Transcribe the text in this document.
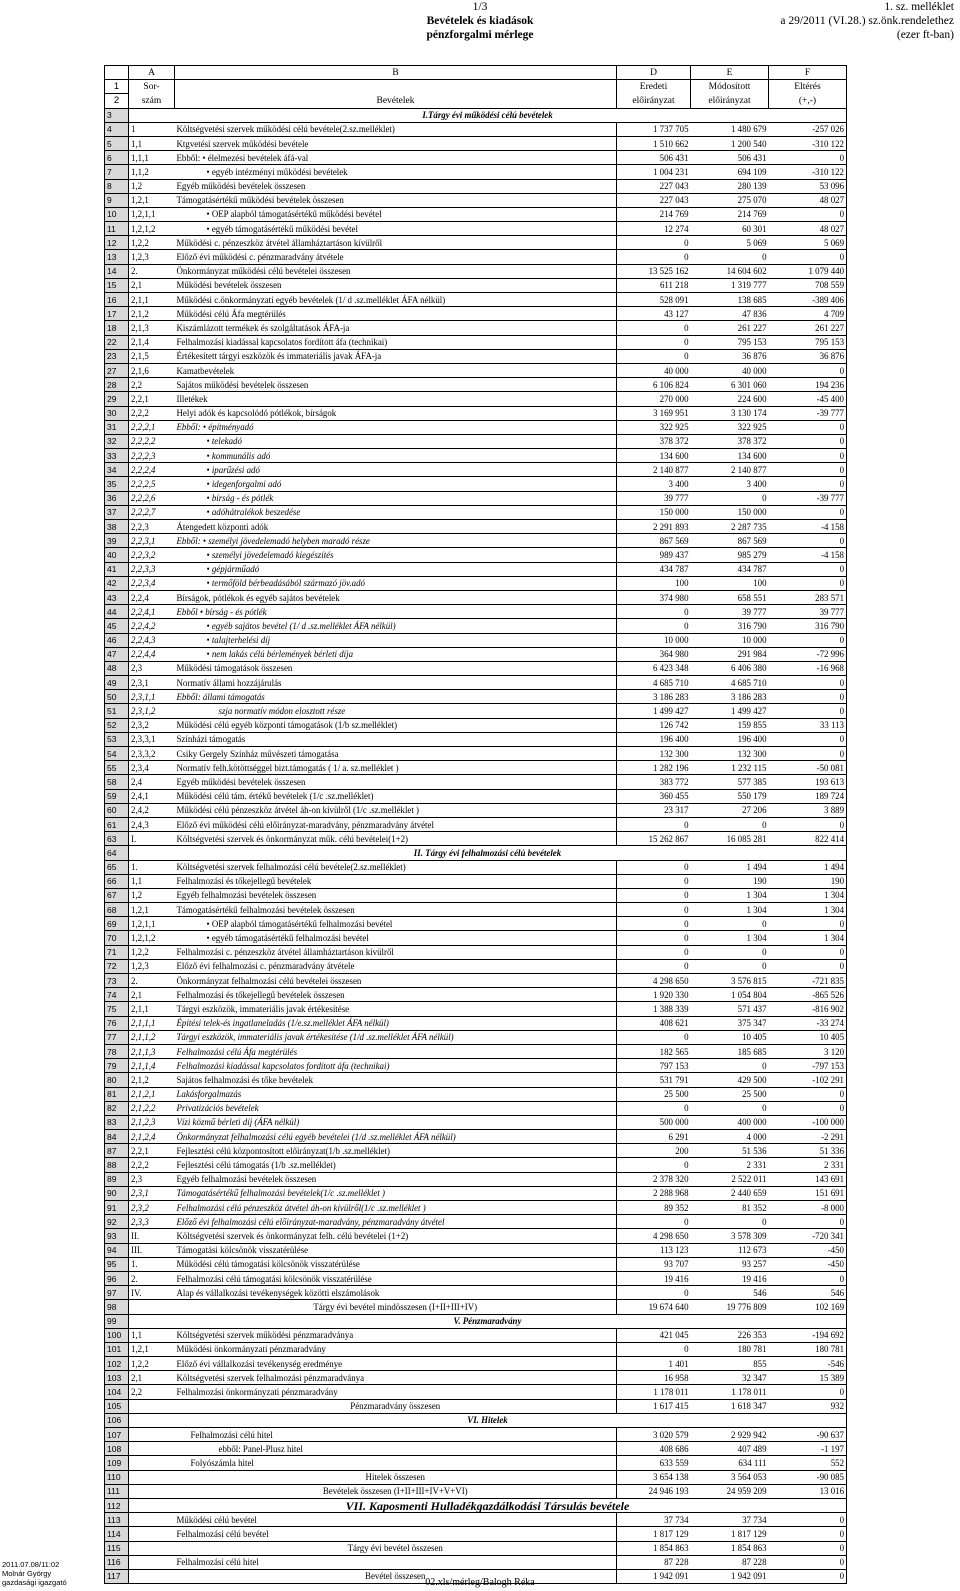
1/3
Bevételek és kiadások
pénzforgalmi mérlege
1. sz. melléklet
a 29/2011 (VI.28.) sz.önk.rendelethez
(ezer ft-ban)
	A	B	D	E	F
1	Sor-		Eredeti	Módosított	Eltérés
2	szám	Bevételek	előirányzat	előirányzat	(+,-)
3	I.Tárgy évi működési célú bevételek				
4	1	Költségvetési szervek működési célú bevétele(2.sz.melléklet)	1 737 705	1 480 679	-257 026
5	1,1	Ktgvetési szervek működési bevétele	1 510 662	1 200 540	-310 122
6	1,1,1	Ebből: • élelmezési bevételek áfá-val	506 431	506 431	0
7	1,1,2	• egyéb intézményi működési bevételek	1 004 231	694 109	-310 122
8	1,2	Egyéb működési bevételek összesen	227 043	280 139	53 096
9	1,2,1	Támogatásértékű működési bevételek összesen	227 043	275 070	48 027
10	1,2,1,1	• OEP alapból támogatásértékű működési bevétel	214 769	214 769	0
11	1,2,1,2	• egyéb támogatásértékű működési bevétel	12 274	60 301	48 027
12	1,2,2	Működési c. pénzeszköz átvétel államháztartáson kívülről	0	5 069	5 069
13	1,2,3	Előző évi működési c. pénzmaradvány átvétele	0	0	0
14	2.	Önkormányzat működési célú bevételei összesen	13 525 162	14 604 602	1 079 440
15	2,1	Működési bevételek összesen	611 218	1 319 777	708 559
16	2,1,1	Működési c.önkormányzati egyéb bevételek (1/ d .sz.melléklet ÁFA nélkül)	528 091	138 685	-389 406
17	2,1,2	Működési célú Áfa megtérülés	43 127	47 836	4 709
18	2,1,3	Kiszámlázott termékek és szolgáltatások ÁFA-ja	0	261 227	261 227
22	2,1,4	Felhalmozási kiadással kapcsolatos fordított áfa (technikai)	0	795 153	795 153
23	2,1,5	Értékesített tárgyi eszközök és immateriális javak ÁFA-ja	0	36 876	36 876
27	2,1,6	Kamatbevételek	40 000	40 000	0
28	2,2	Sajátos működési bevételek összesen	6 106 824	6 301 060	194 236
29	2,2,1	Illetékek	270 000	224 600	-45 400
30	2,2,2	Helyi adók és kapcsolódó pótlékok, bírságok	3 169 951	3 130 174	-39 777
31	2,2,2,1	Ebből: • építményadó	322 925	322 925	0
32	2,2,2,2	• telekadó	378 372	378 372	0
33	2,2,2,3	• kommunális adó	134 600	134 600	0
34	2,2,2,4	• iparűzési adó	2 140 877	2 140 877	0
35	2,2,2,5	• idegenforgalmi adó	3 400	3 400	0
36	2,2,2,6	• bírság - és pótlék	39 777	0	-39 777
37	2,2,2,7	• adóhátralékok beszedése	150 000	150 000	0
38	2,2,3	Átengedett központi adók	2 291 893	2 287 735	-4 158
39	2,2,3,1	Ebből: • személyi jövedelemadó helyben maradó része	867 569	867 569	0
40	2,2,3,2	• személyi jövedelemadó kiegészítés	989 437	985 279	-4 158
41	2,2,3,3	• gépjárműadó	434 787	434 787	0
42	2,2,3,4	• termőföld bérbeadásából származó jöv.adó	100	100	0
43	2,2,4	Bírságok, pótlékok és egyéb sajátos bevételek	374 980	658 551	283 571
44	2,2,4,1	Ebből • bírság - és pótlék	0	39 777	39 777
45	2,2,4,2	• egyéb sajátos bevétel (1/ d .sz.melléklet ÁFA nélkül)	0	316 790	316 790
46	2,2,4,3	• talajterhelési díj	10 000	10 000	0
47	2,2,4,4	• nem lakás célú bérlemények bérleti díja	364 980	291 984	-72 996
48	2,3	Működési támogatások összesen	6 423 348	6 406 380	-16 968
49	2,3,1	Normatív állami hozzájárulás	4 685 710	4 685 710	0
50	2,3,1,1	Ebből: állami támogatás	3 186 283	3 186 283	0
51	2,3,1,2	szja normatív módon elosztott része	1 499 427	1 499 427	0
52	2,3,2	Működési célú egyéb központi támogatások (1/b sz.melléklet)	126 742	159 855	33 113
53	2,3,3,1	Színházi támogatás	196 400	196 400	0
54	2,3,3,2	Csiky Gergely Színház művészeti támogatása	132 300	132 300	0
55	2,3,4	Normatív felh.kötöttséggel bizt.támogatás ( 1/ a. sz.melléklet )	1 282 196	1 232 115	-50 081
58	2,4	Egyéb működési bevételek összesen	383 772	577 385	193 613
59	2,4,1	Működési célú tám. értékű bevételek (1/c .sz.melléklet)	360 455	550 179	189 724
60	2,4,2	Működési célú pénzeszköz átvétel áh-on kívülről (1/c .sz.melléklet )	23 317	27 206	3 889
61	2,4,3	Előző évi működési célú előirányzat-maradvány, pénzmaradvány átvétel	0	0	0
63	I.	Költségvetési szervek és önkormányzat műk. célú bevételei(1+2)	15 262 867	16 085 281	822 414
64	II. Tárgy évi felhalmozási célú bevételek				
65	1.	Költségvetési szervek felhalmozási célú bevétele(2.sz.melléklet)	0	1 494	1 494
66	1,1	Felhalmozási és tőkejellegű bevételek	0	190	190
67	1,2	Egyéb felhalmozási bevételek összesen	0	1 304	1 304
68	1,2,1	Támogatásértékű felhalmozási bevételek összesen	0	1 304	1 304
69	1,2,1,1	• OEP alapból támogatásértékű felhalmozási bevétel	0	0	0
70	1,2,1,2	• egyéb támogatásértékű felhalmozási bevétel	0	1 304	1 304
71	1,2,2	Felhalmozási c. pénzeszköz átvétel államháztartáson kívülről	0	0	0
72	1,2,3	Előző évi felhalmozási c. pénzmaradvány átvétele	0	0	0
73	2.	Önkormányzat felhalmozási célú bevételei összesen	4 298 650	3 576 815	-721 835
74	2,1	Felhalmozási és tőkejellegű bevételek összesen	1 920 330	1 054 804	-865 526
75	2,1,1	Tárgyi eszközök, immateriális javak értékesítése	1 388 339	571 437	-816 902
76	2,1,1,1	Építési telek-és ingatlaneladás (1/e.sz.melléklet ÁFA nélkül)	408 621	375 347	-33 274
77	2,1,1,2	Tárgyi eszközök, immateriális javak értékesítése (1/d .sz.melléklet ÁFA nélkül)	0	10 405	10 405
78	2,1,1,3	Felhalmozási célú Áfa megtérülés	182 565	185 685	3 120
79	2,1,1,4	Felhalmozási kiadással kapcsolatos fordított áfa (technikai)	797 153	0	-797 153
80	2,1,2	Sajátos felhalmozási és tőke bevételek	531 791	429 500	-102 291
81	2,1,2,1	Lakásforgalmazás	25 500	25 500	0
82	2,1,2,2	Privatizációs bevételek	0	0	0
83	2,1,2,3	Vízi közmű bérleti díj (ÁFA nélkül)	500 000	400 000	-100 000
84	2,1,2,4	Önkormányzat felhalmozási célú egyéb bevételei (1/d .sz.melléklet ÁFA nélkül)	6 291	4 000	-2 291
87	2,2,1	Fejlesztési célú központosított előirányzat(1/b .sz.melléklet)	200	51 536	51 336
88	2,2,2	Fejlesztési célú támogatás (1/b .sz.melléklet)	0	2 331	2 331
89	2,3	Egyéb felhalmozási bevételek összesen	2 378 320	2 522 011	143 691
90	2,3,1	Támogatásértékű felhalmozási bevételek(1/c .sz.melléklet )	2 288 968	2 440 659	151 691
91	2,3,2	Felhalmozási célú pénzeszköz átvétel áh-on kívülről(1/c .sz.melléklet )	89 352	81 352	-8 000
92	2,3,3	Előző évi felhalmozási célú előirányzat-maradvány, pénzmaradvány átvétel	0	0	0
93	II.	Költségvetési szervek és önkormányzat felh. célú bevételei (1+2)	4 298 650	3 578 309	-720 341
94	III.	Támogatási kölcsönök visszatérülése	113 123	112 673	-450
95	1.	Működési célú támogatási kölcsönök visszatérülése	93 707	93 257	-450
96	2.	Felhalmozási célú támogatási kölcsönök visszatérülése	19 416	19 416	0
97	IV.	Alap és vállalkozási tevékenységek közötti elszámolások	0	546	546
98		Tárgy évi bevétel mindösszesen (I+II+III+IV)	19 674 640	19 776 809	102 169
99	V. Pénzmaradvány				
100	1,1	Költségvetési szervek működési pénzmaradványa	421 045	226 353	-194 692
101	1,2,1	Működési önkormányzati pénzmaradvány	0	180 781	180 781
102	1,2,2	Előző évi vállalkozási tevékenység eredménye	1 401	855	-546
103	2,1	Költségvetési szervek felhalmozási pénzmaradványa	16 958	32 347	15 389
104	2,2	Felhalmozási önkormányzati pénzmaradvány	1 178 011	1 178 011	0
105		Pénzmaradvány összesen	1 617 415	1 618 347	932
106	VI. Hitelek				
107		Felhalmozási célú hitel	3 020 579	2 929 942	-90 637
108		ebből: Panel-Plusz hitel	408 686	407 489	-1 197
109		Folyószámla hitel	633 559	634 111	552
110		Hitelek összesen	3 654 138	3 564 053	-90 085
111		Bevételek összesen (I+II+III+IV+V+VI)	24 946 193	24 959 209	13 016
112	VII. Kaposmenti Hulladékgazdálkodási Társulás bevétele				
113		Működési célú bevétel	37 734	37 734	0
114		Felhalmozási célú bevétel	1 817 129	1 817 129	0
115		Tárgy évi bevétel összesen	1 854 863	1 854 863	0
116		Felhalmozási célú hitel	87 228	87 228	0
117		Bevétel összesen	1 942 091	1 942 091	0
2011.07.08/11:02
Molnár György
gazdasági igazgató	02.xls/mérleg/Balogh Réka
